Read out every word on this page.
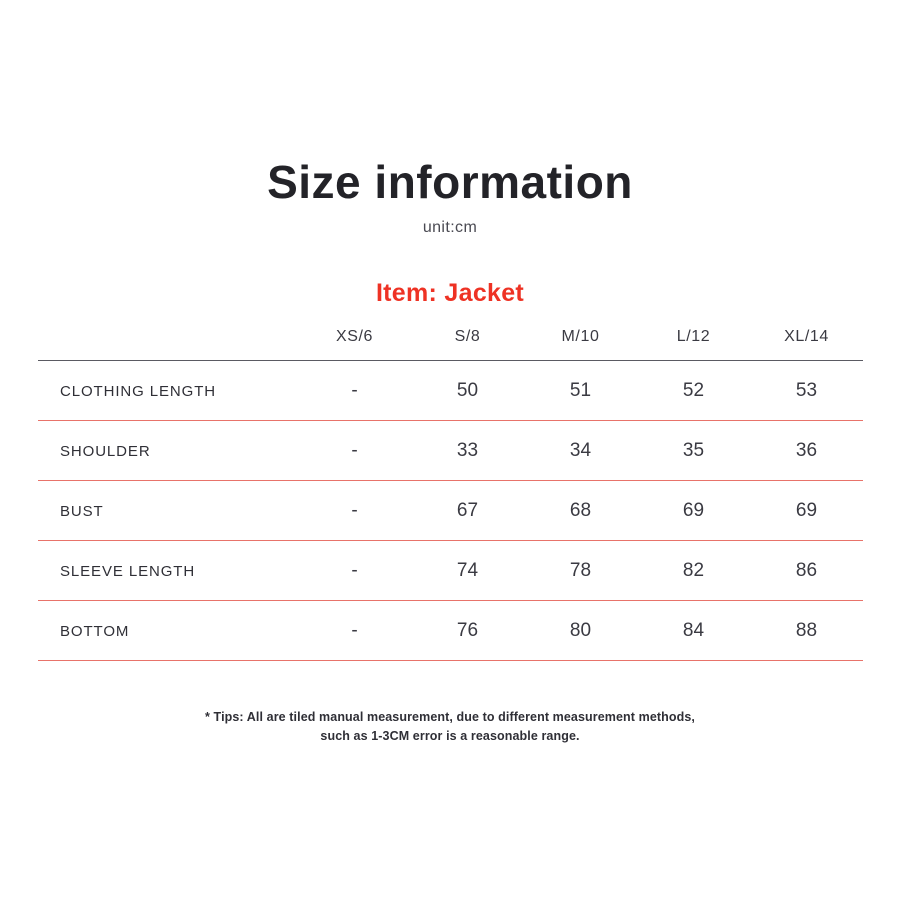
Size information
unit:cm
Item: Jacket
	XS/6	S/8	M/10	L/12	XL/14
CLOTHING LENGTH	-	50	51	52	53
SHOULDER	-	33	34	35	36
BUST	-	67	68	69	69
SLEEVE LENGTH	-	74	78	82	86
BOTTOM	-	76	80	84	88
* Tips: All are tiled manual measurement, due to different measurement methods,
such as 1-3CM error is a reasonable range.
